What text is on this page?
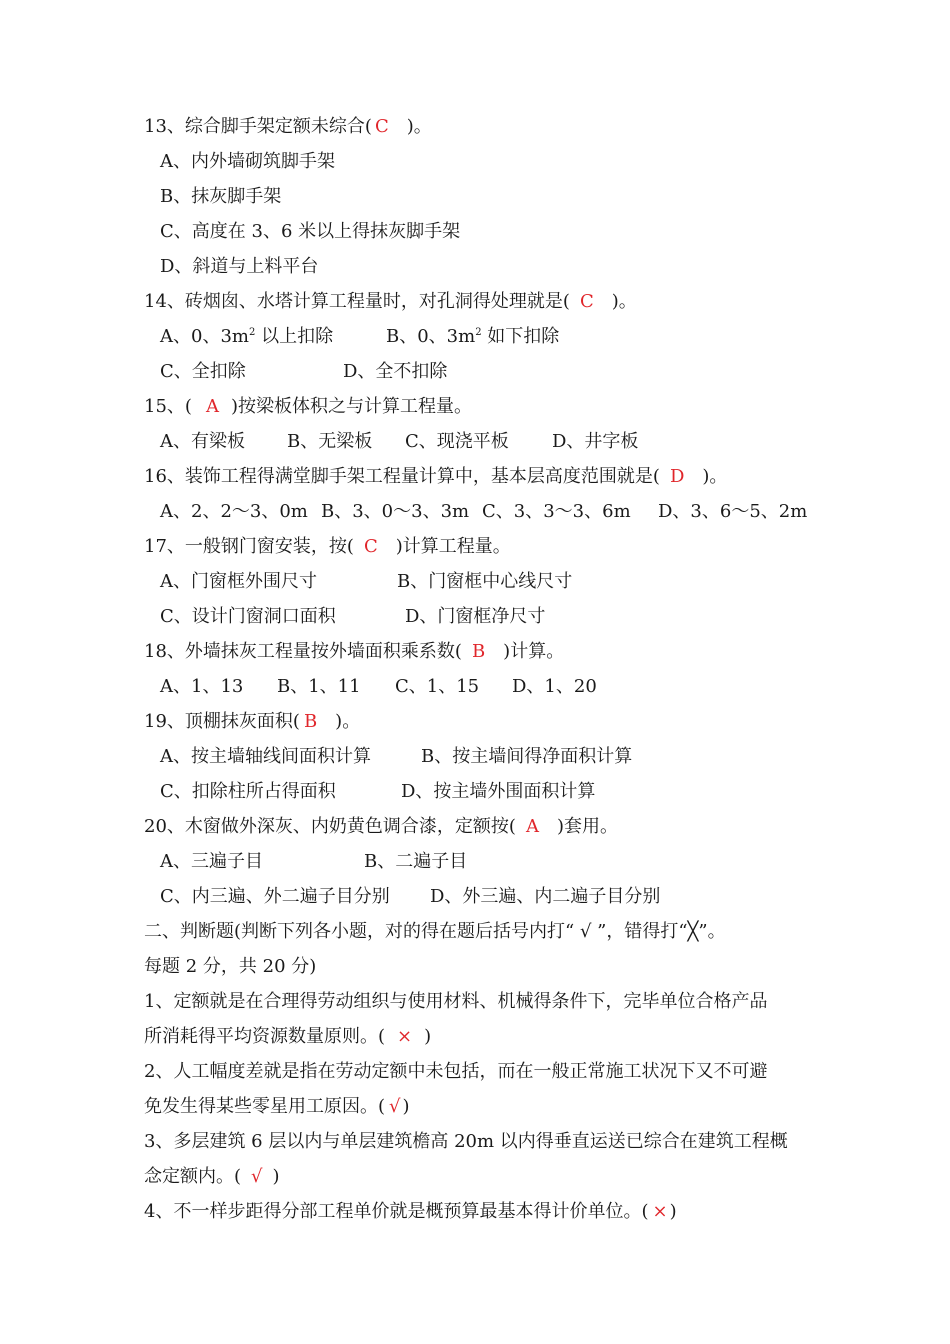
13、综合脚手架定额未综合( C )。
A、内外墙砌筑脚手架
B、抹灰脚手架
C、高度在 3、6 米以上得抹灰脚手架
D、斜道与上料平台
14、砖烟囱、水塔计算工程量时，对孔洞得处理就是( C )。
A、0、$3m^2$ 以上扣除	B、0、$3m^2$ 如下扣除
C、全扣除	D、全不扣除
15、( A )按梁板体积之与计算工程量。
A、有梁板 B、无梁板 C、现浇平板 D、井字板
16、装饰工程得满堂脚手架工程量计算中，基本层高度范围就是( D )。
A、2、2～3、0m B、3、0～3、3m C、3、3～3、6m D、3、6～5、2m
17、一般钢门窗安装，按( C )计算工程量。
A、门窗框外围尺寸	B、门窗框中心线尺寸
C、设计门窗洞口面积	D、门窗框净尺寸
18、外墙抹灰工程量按外墙面积乘系数( B )计算。
A、1、13 B、1、11 C、1、15 D、1、20
19、顶棚抹灰面积( B )。
A、按主墙轴线间面积计算	B、按主墙间得净面积计算
C、扣除柱所占得面积	D、按主墙外围面积计算
20、木窗做外深灰、内奶黄色调合漆，定额按( A )套用。
A、三遍子目	B、二遍子目
C、内三遍、外二遍子目分别 D、外三遍、内二遍子目分别
二、判断题(判断下列各小题，对的得在题后括号内打“ √ ”，错得打“╳”。
每题 2 分，共 20 分)
1、定额就是在合理得劳动组织与使用材料、机械得条件下，完毕单位合格产品
所消耗得平均资源数量原则。( × )
2、人工幅度差就是指在劳动定额中未包括，而在一般正常施工状况下又不可避
免发生得某些零星用工原因。( √ )
3、多层建筑 6 层以内与单层建筑檐高 20m 以内得垂直运送已综合在建筑工程概
念定额内。( √ )
4、不一样步距得分部工程单价就是概预算最基本得计价单位。( × )
